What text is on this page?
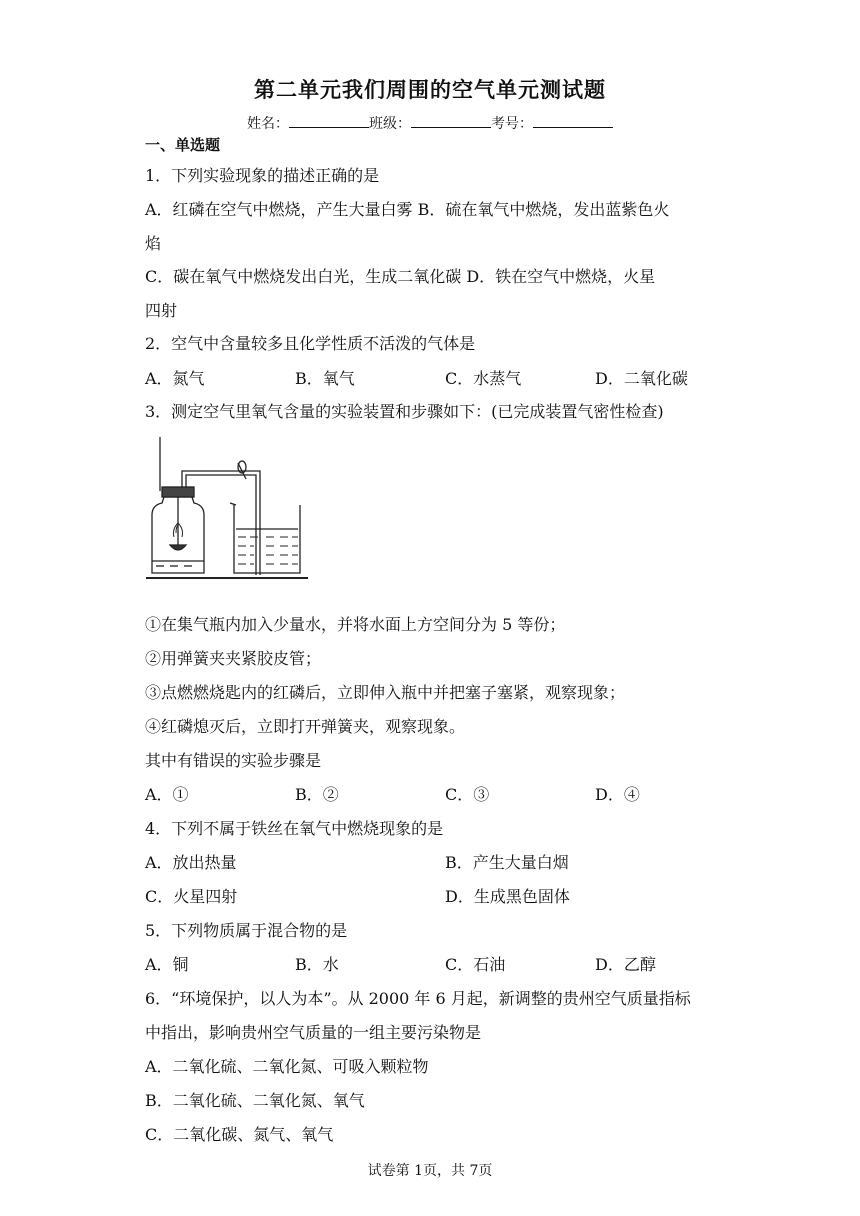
第二单元我们周围的空气单元测试题
姓名：	班级：	考号：
一、单选题
1．下列实验现象的描述正确的是
A．红磷在空气中燃烧，产生大量白雾 B．硫在氧气中燃烧，发出蓝紫色火
焰
C．碳在氧气中燃烧发出白光，生成二氧化碳 D．铁在空气中燃烧，火星
四射
2．空气中含量较多且化学性质不活泼的气体是
A．氮气	B．氧气	C．水蒸气	D．二氧化碳
3．测定空气里氧气含量的实验装置和步骤如下：(已完成装置气密性检查)
①在集气瓶内加入少量水，并将水面上方空间分为 5 等份；
②用弹簧夹夹紧胶皮管；
③点燃燃烧匙内的红磷后，立即伸入瓶中并把塞子塞紧，观察现象；
④红磷熄灭后，立即打开弹簧夹，观察现象。
其中有错误的实验步骤是
A．①	B．②	C．③	D．④
4．下列不属于铁丝在氧气中燃烧现象的是
A．放出热量	B．产生大量白烟
C．火星四射	D．生成黑色固体
5．下列物质属于混合物的是
A．铜	B．水	C．石油	D．乙醇
6．“环境保护，以人为本”。从 2000 年 6 月起，新调整的贵州空气质量指标
中指出，影响贵州空气质量的一组主要污染物是
A．二氧化硫、二氧化氮、可吸入颗粒物
B．二氧化硫、二氧化氮、氧气
C．二氧化碳、氮气、氧气
试卷第 1页，共 7页
